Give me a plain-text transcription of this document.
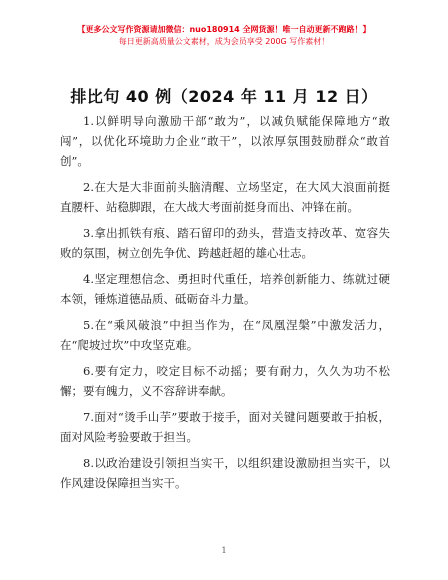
【更多公文写作资源请加微信：nuo180914 全网货源！唯一自动更新不跑路！】
每日更新高质量公文素材，成为会员享受 200G 写作素材！
排比句 40 例（2024 年 11 月 12 日）

1.以鲜明导向激励干部“敢为”，以减负赋能保障地方“敢闯”，以优化环境助力企业“敢干”，以浓厚氛围鼓励群众“敢首创”。

2.在大是大非面前头脑清醒、立场坚定，在大风大浪面前挺直腰杆、站稳脚跟，在大战大考面前挺身而出、冲锋在前。

3.拿出抓铁有痕、踏石留印的劲头，营造支持改革、宽容失败的氛围，树立创先争优、跨越赶超的雄心壮志。

4.坚定理想信念、勇担时代重任，培养创新能力、练就过硬本领，锤炼道德品质、砥砺奋斗力量。

5.在“乘风破浪”中担当作为，在“凤凰涅槃”中激发活力，在“爬坡过坎”中攻坚克难。

6.要有定力，咬定目标不动摇；要有耐力，久久为功不松懈；要有魄力，义不容辞讲奉献。

7.面对“烫手山芋”要敢于接手，面对关键问题要敢于拍板，面对风险考验要敢于担当。

8.以政治建设引领担当实干，以组织建设激励担当实干，以作风建设保障担当实干。

1
